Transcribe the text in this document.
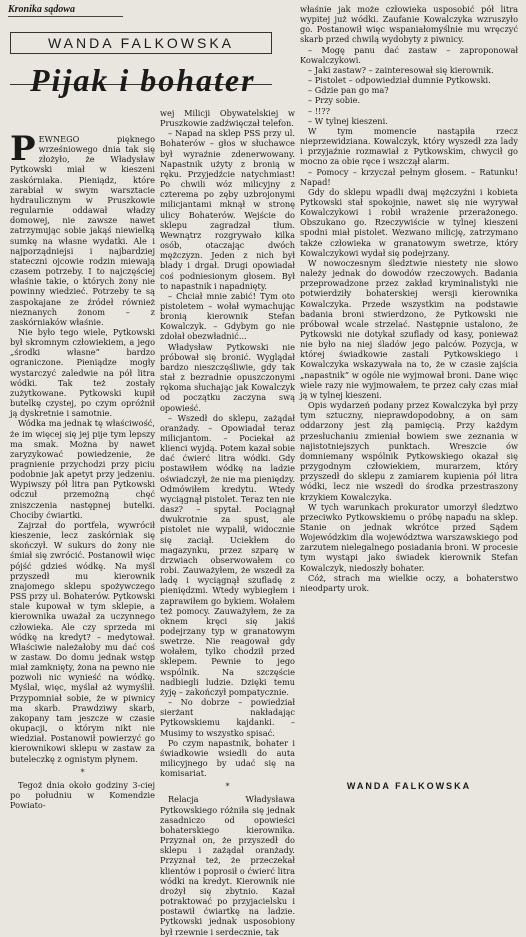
Kronika sądowa
WANDA FALKOWSKA
Pijak i bohater

PEWNEGO pięknego wrześniowego dnia tak się złożyło, że Władysław Pytkowski miał w kieszeni zaskórniaka. Pieniądz, które zarabiał w swym warsztacie hydraulicznym w Pruszkowie regularnie oddawał władzy domowej, nie zawsze nawet zatrzymując sobie jakąś niewielką sumkę na własne wydatki. Ale i najporządniejsi i najbardziej stateczni ojcowie rodzin miewają czasem potrzeby. I to najczęściej właśnie takie, o których żony nie powinny wiedzieć. Potrzeby te są zaspokajane ze źródeł również nieznanych żonom – z zaskórniaków właśnie.

Nie było tego wiele, Pytkowski był skromnym człowiekiem, a jego „środki własne” bardzo ograniczone. Pieniądze mogły wystarczyć zaledwie na pół litra wódki. Tak też zostały zużytkowane. Pytkowski kupił butelkę czystej, po czym opróżnił ją dyskretnie i samotnie.

Wódka ma jednak tę właściwość, że im więcej się jej pije tym lepszy ma smak. Można by nawet zaryzykować powiedzenie, że pragnienie przychodzi przy piciu podobnie jak apetyt przy jedzeniu. Wypiwszy pół litra pan Pytkowski odczuł przemożną chęć zniszczenia następnej butelki. Chociby ćwiartki.

Zajrzał do portfela, wywrócił kieszenie, lecz zaskórniak się skończył. W sukurs do żony nie śmiał się zwrócić. Postanowił więc pójść gdzieś wódkę. Na myśl przyszedł mu kierownik znajomego sklepu spożywczego PSS przy ul. Bohaterów. Pytkowski stale kupował w tym sklepie, a kierownika uważał za uczynnego człowieka. Ale czy sprzeda mi wódkę na kredyt? – medytował. Właściwie należałoby mu dać coś w zastaw. Do domu jednak wstęp miał zamknięty, żona na pewno nie pozwoli nic wynieść na wódkę. Myślał, więc, myślał aż wymyślił. Przypomniał sobie, że w piwnicy ma skarb. Prawdziwy skarb, zakopany tam jeszcze w czasie okupacji, o którym nikt nie wiedział. Postanowił powierzyć go kierownikowi sklepu w zastaw za buteleczkę z ognistym płynem.

*

Tegoż dnia około godziny 3-ciej po południu w Komendzie Powiato-

wej Milicji Obywatelskiej w Pruszkowie zadźwięczał telefon.

– Napad na sklep PSS przy ul. Bohaterów – głos w słuchawce był wyraźnie zdenerwowany. Napastnik użyty z bronią w ręku. Przyjedźcie natychmiast! Po chwili wóz milicyjny z czterema po zęby uzbrojonymi milicjantami mknął w stronę ulicy Bohaterów. Wejście do sklepu zagradzał tłum. Wewnątrz rozgrywało kilka osób, otaczając dwóch mężczyzn. Jeden z nich był blady i drgał. Drugi opowiadał coś podniesionym głosem. Był to napastnik i napadnięty.

– Chciał mnie zabić! Tym oto pistoletem – wołał wymachując bronią kierownik Stefan Kowalczyk. – Gdybym go nie zdołał obezwładnić...

Władysław Pytkowski nie próbował się bronić. Wyglądał bardzo nieszczęśliwie, gdy tak stał z bezradnie opuszczonymi rękoma słuchając jak Kowalczyk od początku zaczyna swą opowieść.

– Wszedł do sklepu, zażądał oranżady. – Opowiadał teraz milicjantom. – Pociekał aż klienci wyjdą. Potem kazał sobie dać ćwierć litra wódki. Gdy postawiłem wódkę na ladzie oświadczył, że nie ma pieniędzy. Odmówiłem kredytu. Wtedy wyciągnął pistolet. Teraz ten nie dasz? – spytał. Pociągnął dwukrotnie za spust, ale pistolet nie wypalił, widocznie się zaciął. Uciekłem do magazynku, przez szparę w drzwiach obserwowałem co robi. Zauważyłem, że wszedł za ladę i wyciągnął szufladę z pieniędzmi. Wtedy wybiegłem i zaprawiłem go bykiem. Wołałem też pomocy. Zauważyłem, że za oknem kręci się jakiś podejrzany typ w granatowym swetrze. Nie reagował gdy wołałem, tylko chodził przed sklepem. Pewnie to jego wspólnik. Na szczęście nadbiegli ludzie. Dzięki temu żyję – zakończył pompatycznie.

– No dobrze – powiedział sierżant nakładając Pytkowskiemu kajdanki. – Musimy to wszystko spisać.

Po czym napastnik, bohater i świadkowie wsiedli do auta milicyjnego by udać się na komisariat.

*

Relacja Władysława Pytkowskiego różniła się jednak zasadniczo od opowieści bohaterskiego kierownika. Przyznał on, że przyszedł do sklepu i zażądał oranżady. Przyznał też, że przeczekał klientów i poprosił o ćwierć litra wódki na kredyt. Kierownik nie drożył się zbytnio. Kazał potraktować po przyjacielsku i postawił ćwiartkę na ladzie. Pytkowski jednak usposobiony był rzewnie i serdecznie, tak

właśnie jak może człowieka usposobić pół litra wypitej już wódki. Zaufanie Kowalczyka wzruszyło go. Postanowił więc wspaniałomyślnie mu wręczyć skarb przed chwilą wydobyty z piwnicy.

– Mogę panu dać zastaw – zaproponował Kowalczykowi.

– Jaki zastaw? – zainteresował się kierownik.

– Pistolet – odpowiedział dumnie Pytkowski.

– Gdzie pan go ma?

– Przy sobie.

– !!??

– W tylnej kieszeni.

W tym momencie nastąpiła rzecz nieprzewidziana. Kowalczyk, który wyszedł zza lady i przyjaźnie rozmawiał z Pytkowskim, chwycił go mocno za obie ręce i wszczął alarm.

– Pomocy – krzyczał pełnym głosem. – Ratunku! Napad!

Gdy do sklepu wpadli dwaj mężczyźni i kobieta Pytkowski stał spokojnie, nawet się nie wyrywał Kowalczykowi i robił wrażenie przerażonego. Obszukano go. Rzeczywiście w tylnej kieszeni spodni miał pistolet. Wezwano milicję, zatrzymano także człowieka w granatowym swetrze, który Kowalczykowi wydał się podejrzany.

W nowoczesnym śledztwie niestety nie słowo należy jednak do dowodów rzeczowych. Badania przeprowadzone przez zakład kryminalistyki nie potwierdziły bohaterskiej wersji kierownika Kowalczyka. Przede wszystkim na podstawie badania broni stwierdzono, że Pytkowski nie próbował wcale strzelać. Następnie ustalono, że Pytkowski nie dotykał szuflady od kasy, ponieważ nie było na niej śladów jego palców. Pozycja, w której świadkowie zastali Pytkowskiego i Kowalczyka wskazywała na to, że w czasie zajścia „napastnik” w ogóle nie wyjmował broni. Dane więc wiele razy nie wyjmowałem, te przez cały czas miał ją w tylnej kieszeni.

Opis wydarzeń podany przez Kowalczyka był przy tym sztuczny, nieprawdopodobny, a on sam oddarzony jest złą pamięcią. Przy każdym przesłuchaniu zmieniał bowiem swe zeznania w najistotniejszych punktach. Wreszcie ów domniemany wspólnik Pytkowskiego okazał się przygodnym człowiekiem, murarzem, który przyszedł do sklepu z zamiarem kupienia pół litra wódki, lecz nie wszedł do środka przestraszony krzykiem Kowalczyka.

W tych warunkach prokurator umorzył śledztwo przeciwko Pytkowskiemu o próbę napadu na sklep. Stanie on jednak wkrótce przed Sądem Wojewódzkim dla województwa warszawskiego pod zarzutem nielegalnego posiadania broni. W procesie tym wystąpi jako świadek kierownik Stefan Kowalczyk, niedoszły bohater.

Cóż, strach ma wielkie oczy, a bohaterstwo nieodparty urok.

WANDA FALKOWSKA
